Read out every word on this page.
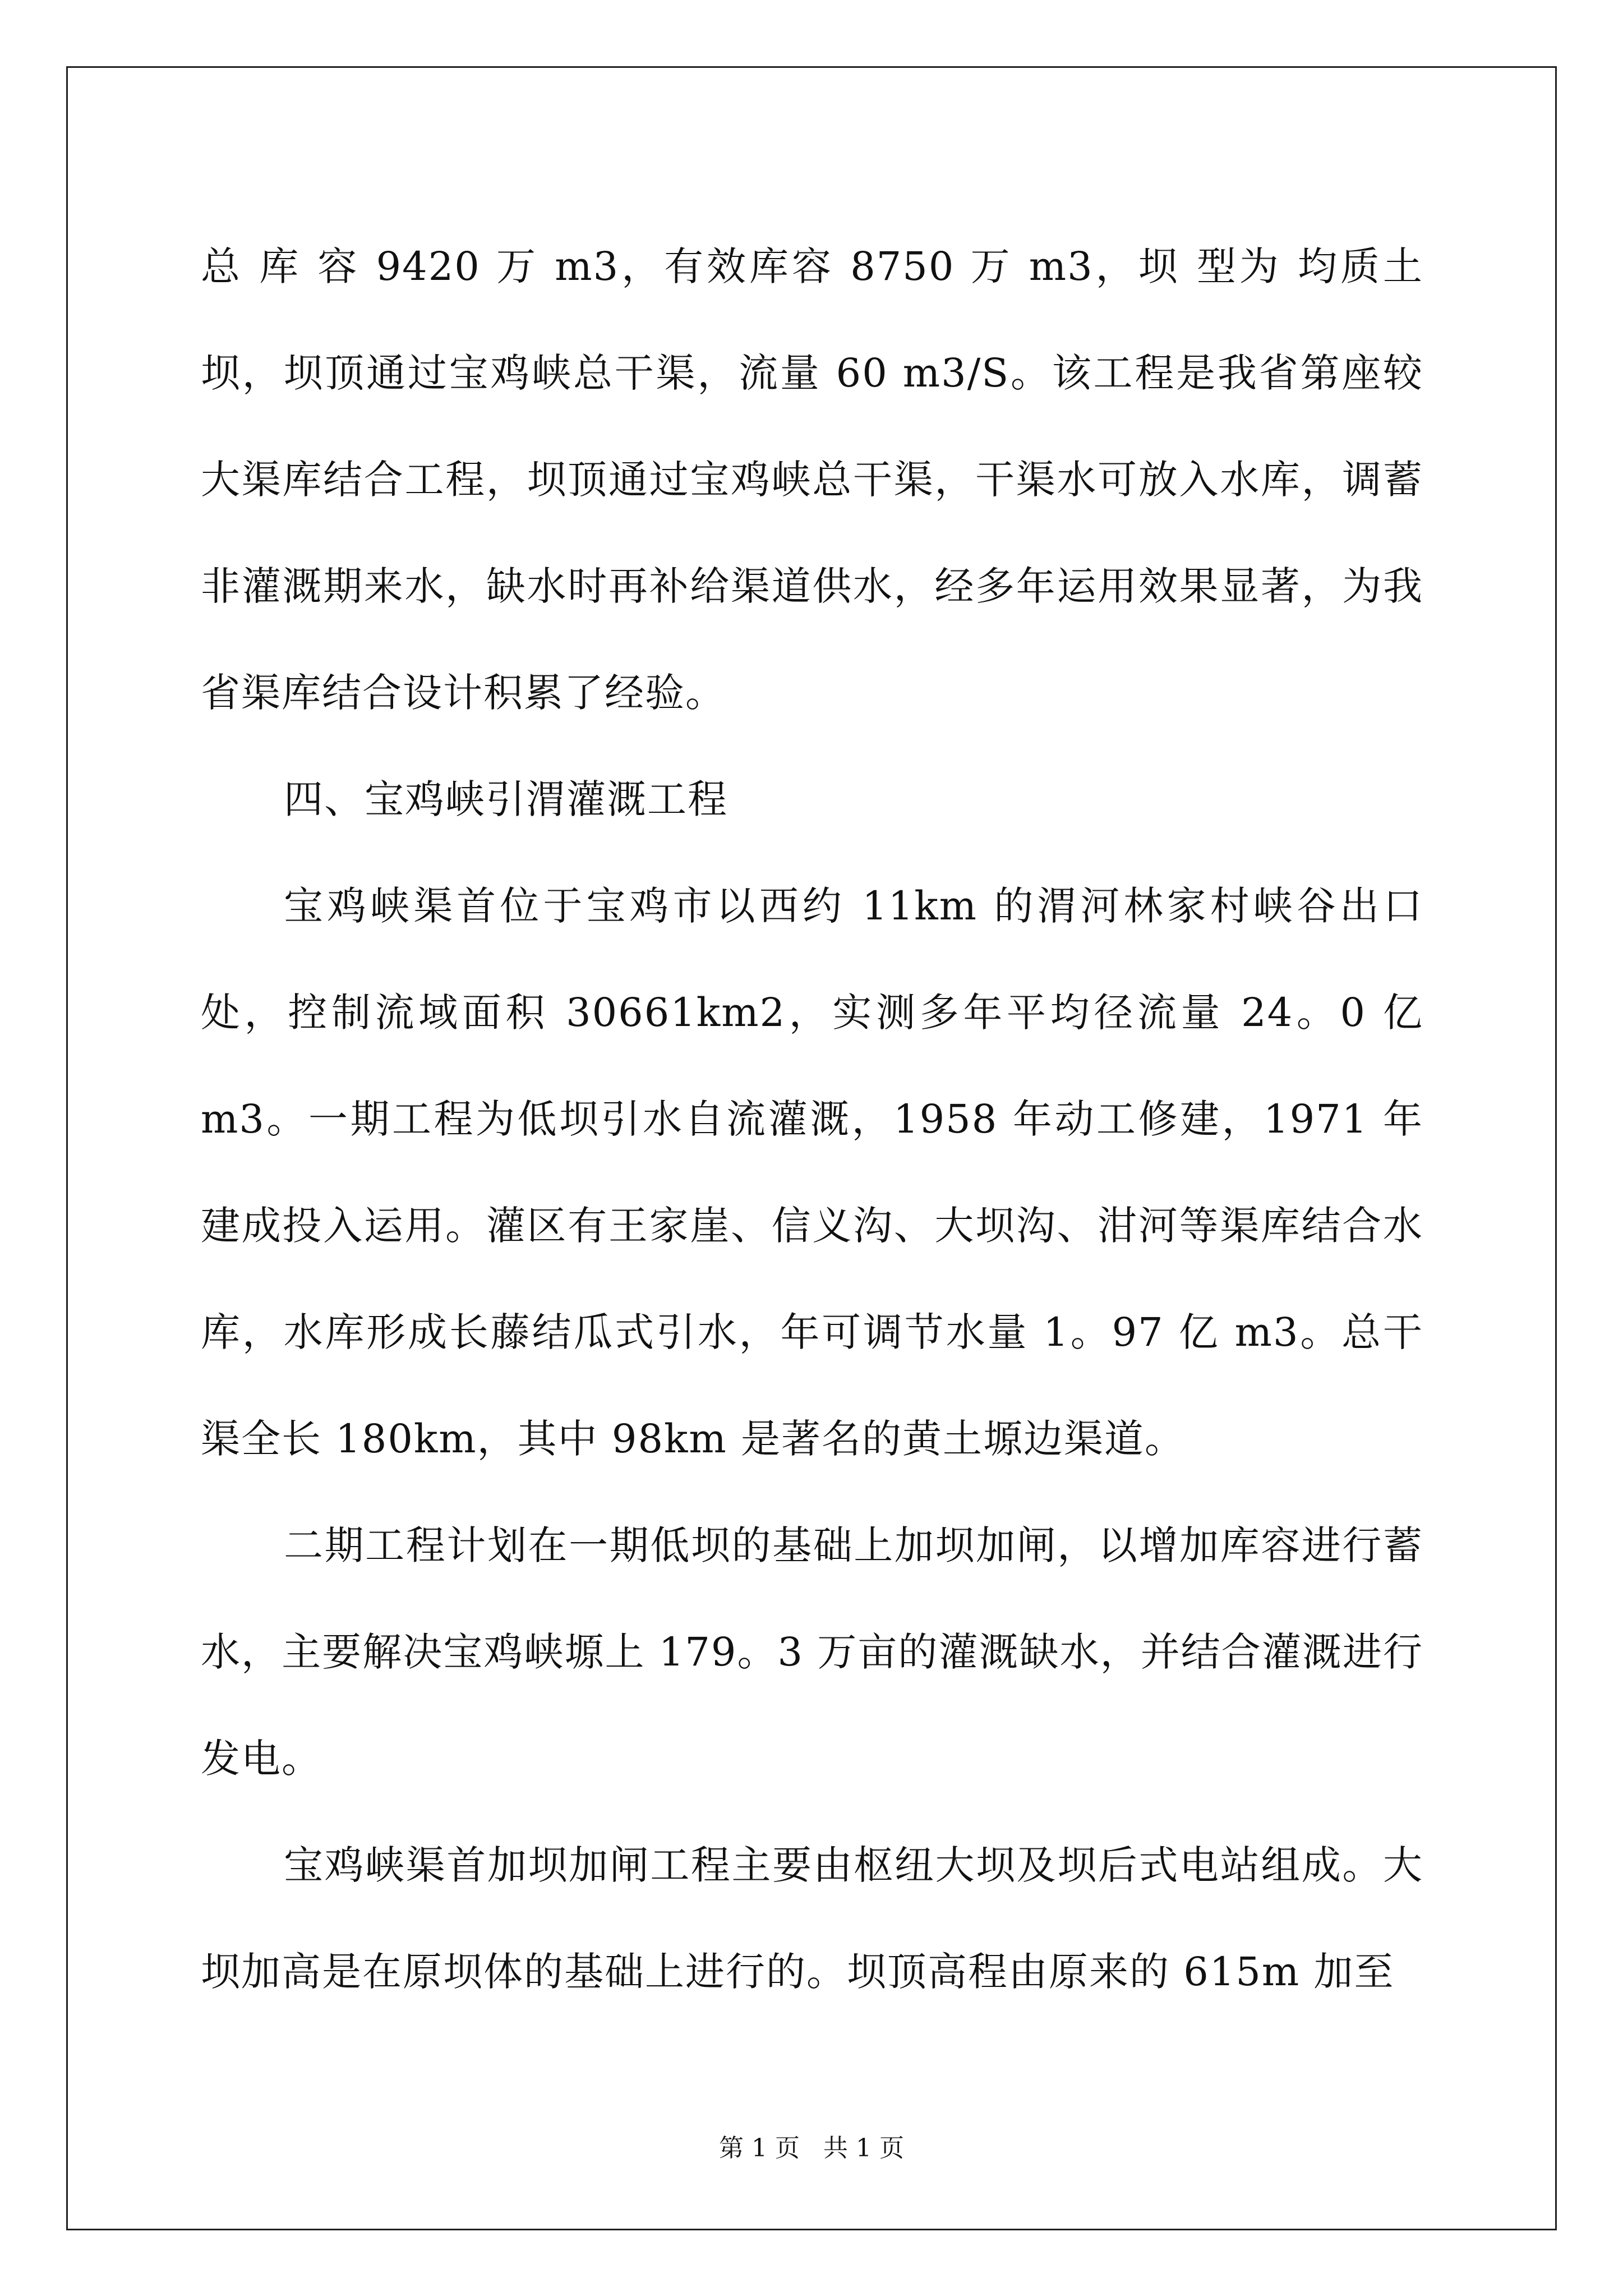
总 库 容 9420 万 m3，有效库容 8750 万 m3，坝 型为 均质土坝，坝顶通过宝鸡峡总干渠，流量 60 m3/S。该工程是我省第座较大渠库结合工程，坝顶通过宝鸡峡总干渠，干渠水可放入水库，调蓄非灌溉期来水，缺水时再补给渠道供水，经多年运用效果显著，为我省渠库结合设计积累了经验。

四、宝鸡峡引渭灌溉工程

宝鸡峡渠首位于宝鸡市以西约 11km 的渭河林家村峡谷出口处，控制流域面积 30661km2，实测多年平均径流量 24。0 亿 m3。一期工程为低坝引水自流灌溉，1958 年动工修建，1971 年建成投入运用。灌区有王家崖、信义沟、大坝沟、泔河等渠库结合水库，水库形成长藤结瓜式引水，年可调节水量 1。97 亿 m3。总干渠全长 180km，其中 98km 是著名的黄土塬边渠道。

二期工程计划在一期低坝的基础上加坝加闸，以增加库容进行蓄水，主要解决宝鸡峡塬上 179。3 万亩的灌溉缺水，并结合灌溉进行发电。

宝鸡峡渠首加坝加闸工程主要由枢纽大坝及坝后式电站组成。大坝加高是在原坝体的基础上进行的。坝顶高程由原来的 615m 加至

第 1 页 共 1 页
